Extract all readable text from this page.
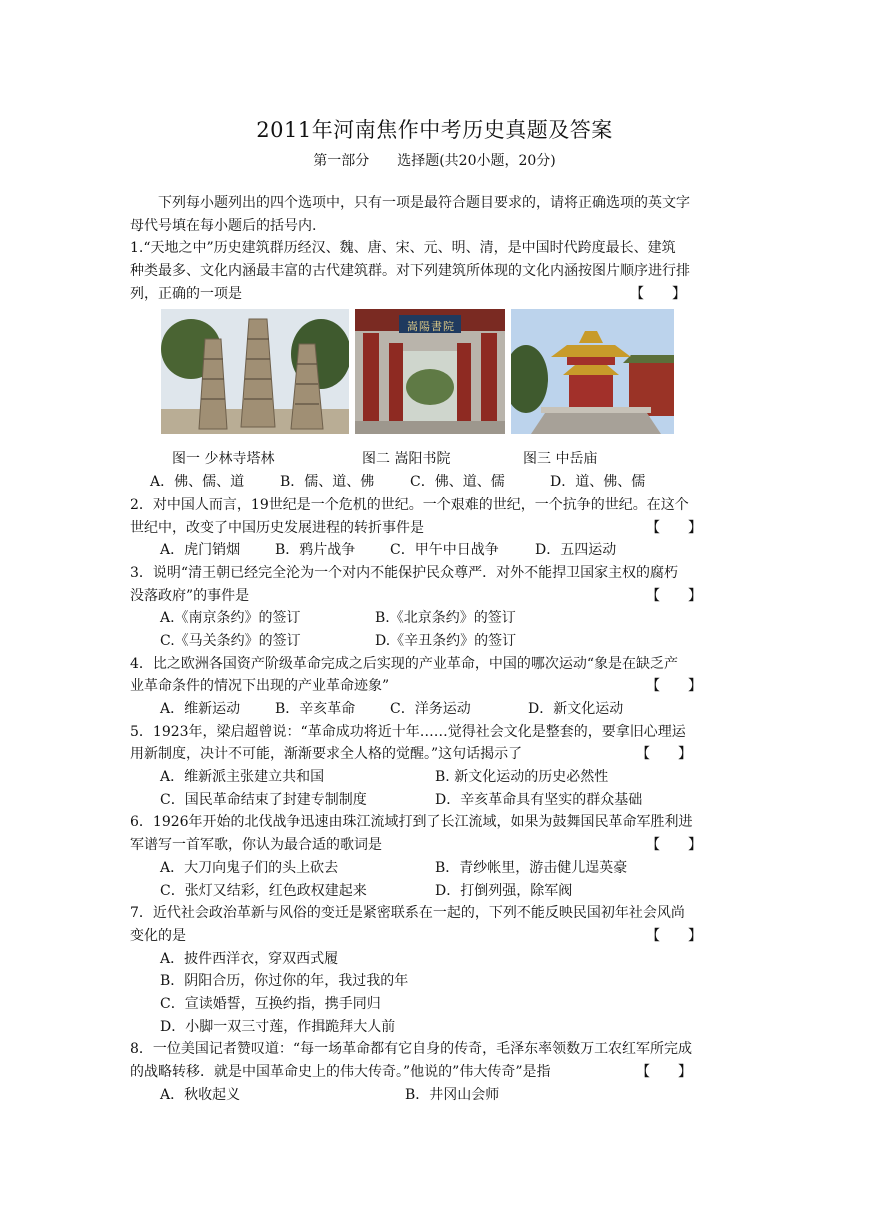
2011年河南焦作中考历史真题及答案
第一部分　　选择题(共20小题，20分)
下列每小题列出的四个选项中，只有一项是最符合题目要求的，请将正确选项的英文字
母代号填在每小题后的括号内.
1.“天地之中”历史建筑群历经汉、魏、唐、宋、元、明、清，是中国时代跨度最长、建筑
种类最多、文化内涵最丰富的古代建筑群。对下列建筑所体现的文化内涵按图片顺序进行排
列，正确的一项是	【　　】
嵩陽書院
图一 少林寺塔林	图二 嵩阳书院	图三 中岳庙
A．佛、儒、道	B．儒、道、佛	C．佛、道、儒	D．道、佛、儒
2．对中国人而言，19世纪是一个危机的世纪。一个艰难的世纪，一个抗争的世纪。在这个
世纪中，改变了中国历史发展进程的转折事件是	【　　】
A．虎门销烟	B．鸦片战争	C．甲午中日战争	D．五四运动
3．说明“清王朝已经完全沦为一个对内不能保护民众尊严．对外不能捍卫国家主权的腐朽
没落政府”的事件是	【　　】
A.《南京条约》的签订	B.《北京条约》的签订
C.《马关条约》的签订	D.《辛丑条约》的签订
4．比之欧洲各国资产阶级革命完成之后实现的产业革命，中国的哪次运动“象是在缺乏产
业革命条件的情况下出现的产业革命迹象”	【　　】
A．维新运动	B．辛亥革命	C．洋务运动	D．新文化运动
5．1923年，梁启超曾说：“革命成功将近十年……觉得社会文化是整套的，要拿旧心理运
用新制度，决计不可能，渐渐要求全人格的觉醒。”这句话揭示了	【　　】
A．维新派主张建立共和国	B. 新文化运动的历史必然性
C．国民革命结束了封建专制制度	D．辛亥革命具有坚实的群众基础
6．1926年开始的北伐战争迅速由珠江流域打到了长江流域，如果为鼓舞国民革命军胜利进
军谱写一首军歌，你认为最合适的歌词是	【　　】
A．大刀向鬼子们的头上砍去	B．青纱帐里，游击健儿逞英豪
C．张灯又结彩，红色政权建起来	D．打倒列强，除军阀
7．近代社会政治革新与风俗的变迁是紧密联系在一起的，下列不能反映民国初年社会风尚
变化的是	【　　】
A．披件西洋衣，穿双西式履
B．阴阳合历，你过你的年，我过我的年
C．宣读婚誓，互换约指，携手同归
D．小脚一双三寸莲，作揖跪拜大人前
8．一位美国记者赞叹道：“每一场革命都有它自身的传奇，毛泽东率领数万工农红军所完成
的战略转移．就是中国革命史上的伟大传奇。”他说的”伟大传奇”是指	【　　】
A．秋收起义	B．井冈山会师
